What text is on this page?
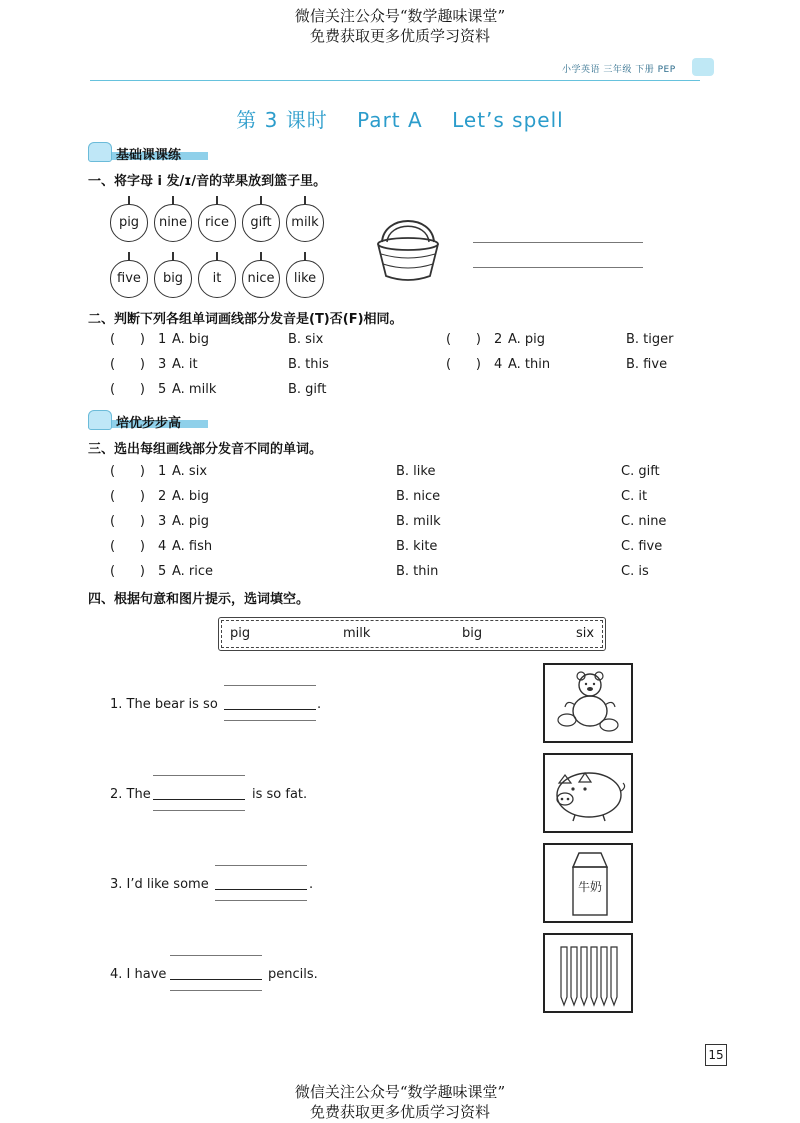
微信关注公众号“数学趣味课堂”
免费获取更多优质学习资料
小学英语 三年级 下册 PEP
第 3 课时    Part A    Let’s spell
基础课课练
一、将字母 i 发/ɪ/音的苹果放到篮子里。
pig	nine	rice	gift	milk
five	big	it	nice	like
二、判断下列各组单词画线部分发音是(T)否(F)相同。
(      ) 1 A. big	B. six	(      ) 2 A. pig	B. tiger
(      ) 3 A. it	B. this	(      ) 4 A. thin	B. five
(      ) 5 A. milk	B. gift
培优步步高
三、选出每组画线部分发音不同的单词。
(      ) 1 A. six	B. like	C. gift
(      ) 2 A. big	B. nice	C. it
(      ) 3 A. pig	B. milk	C. nine
(      ) 4 A. fish	B. kite	C. five
(      ) 5 A. rice	B. thin	C. is
四、根据句意和图片提示，选词填空。
pig	milk	big	six
1. The bear is so	.
2. The	is so fat.
3. I’d like some	.
4. I have	pencils.
牛奶
15
微信关注公众号“数学趣味课堂”
免费获取更多优质学习资料
